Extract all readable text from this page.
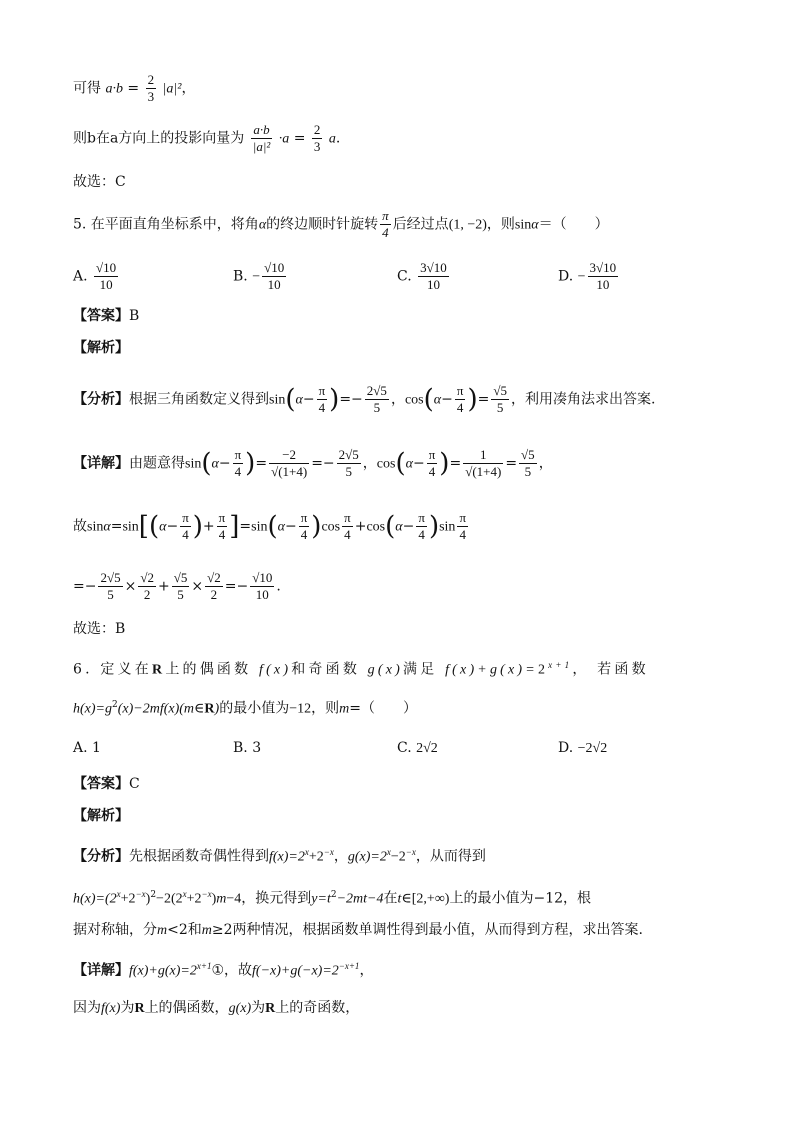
可得 $a\cdot b = \frac{2}{3} |a|^2$，
则b在a方向上的投影向量为 $\frac{a\cdot b}{\text{|a|²}} \cdot a = \frac{2}{3} a$.
故选：C
5. 在平面直角坐标系中，将角α的终边顺时针旋转 $\frac{\pi}{4}$ 后经过点(1, −2)，则sinα＝（　　）
A. $\frac{√10}{10}$	B. − $\frac{√10}{10}$	C. $\frac{3√10}{10}$	D. − $\frac{3√10}{10}$
【答案】B
【解析】
【分析】根据三角函数定义得到$\sin(\alpha- \frac{\pi}{4}$ )=− $\frac{2√5}{5}$ ，$\cos(\alpha- \frac{\pi}{4}$ )= $\frac{√5}{5}$ ，利用凑角法求出答案.
【详解】由题意得$\sin(\alpha- \frac{\pi}{4}$ )= $\frac{-2}{√(1+4)} =- \frac{2√5}{5}$ ，$\cos(\alpha- \frac{\pi}{4}$ )= $\frac{1}{√(1+4)} = \frac{√5}{5}$ ，
故$\sin\alpha=\sin[(\alpha- \frac{\pi}{4}$ )+ $\frac{\pi}{4} ]=\sin(\alpha- \frac{\pi}{4} )\cos \frac{\pi}{4} +\cos(\alpha- \frac{\pi}{4} )\sin \frac{\pi}{4}$
=− $\frac{2√5}{5} \times \frac{√2}{2} + \frac{√5}{5} \times \frac{√2}{2} =- \frac{√10}{10}$ .
故选：B
6. 定义在R上的偶函数 f(x)和奇函数 g(x)满足 $f(x)+g(x)=2^{x+1}$， 若函数
$h(x)=g^2(x)-2mf(x)(m\in R)$的最小值为−12，则m=（　　）
A. 1	B. 3	C. 2√2	D. −2√2
【答案】C
【解析】
【分析】先根据函数奇偶性得到$f(x)=2^x+2^{-x}$，$g(x)=2^x-2^{-x}$，从而得到
$h(x)=(2^x+2^{-x})^2-2(2^x+2^{-x})m-4$，换元得到$y=t^2-2mt-4$在t∈[2,+∞)上的最小值为−12，根
据对称轴，分m<2和m≥2两种情况，根据函数单调性得到最小值，从而得到方程，求出答案.
【详解】$f(x)+g(x)=2^{x+1}①$，故$f(-x)+g(-x)=2^{-x+1}$，
因为f(x)为R上的偶函数，g(x)为R上的奇函数，
